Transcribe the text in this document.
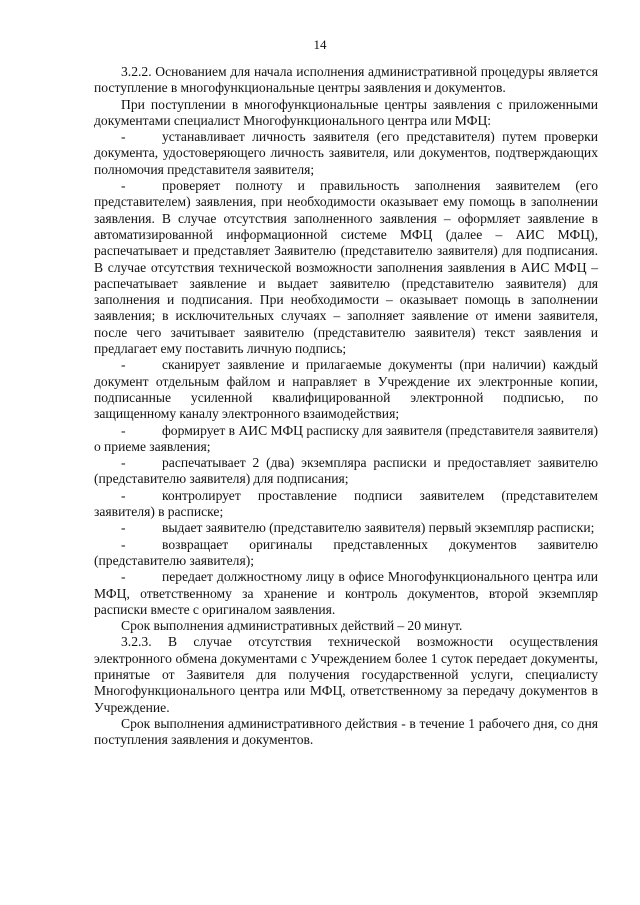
14

3.2.2. Основанием для начала исполнения административной процедуры является поступление в многофункциональные центры заявления и документов.

При поступлении в многофункциональные центры заявления с приложенными документами специалист Многофункционального центра или МФЦ:

-	устанавливает личность заявителя (его представителя) путем проверки документа, удостоверяющего личность заявителя, или документов, подтверждающих полномочия представителя заявителя;

-	проверяет полноту и правильность заполнения заявителем (его представителем) заявления, при необходимости оказывает ему помощь в заполнении заявления. В случае отсутствия заполненного заявления – оформляет заявление в автоматизированной информационной системе МФЦ (далее – АИС МФЦ), распечатывает и представляет Заявителю (представителю заявителя) для подписания. В случае отсутствия технической возможности заполнения заявления в АИС МФЦ – распечатывает заявление и выдает заявителю (представителю заявителя) для заполнения и подписания. При необходимости – оказывает помощь в заполнении заявления; в исключительных случаях – заполняет заявление от имени заявителя, после чего зачитывает заявителю (представителю заявителя) текст заявления и предлагает ему поставить личную подпись;

-	сканирует заявление и прилагаемые документы (при наличии) каждый документ отдельным файлом и направляет в Учреждение их электронные копии, подписанные усиленной квалифицированной электронной подписью, по защищенному каналу электронного взаимодействия;

-	формирует в АИС МФЦ расписку для заявителя (представителя заявителя) о приеме заявления;

-	распечатывает 2 (два) экземпляра расписки и предоставляет заявителю (представителю заявителя) для подписания;

-	контролирует проставление подписи заявителем (представителем заявителя) в расписке;

-	выдает заявителю (представителю заявителя) первый экземпляр расписки;

-	возвращает оригиналы представленных документов заявителю (представителю заявителя);

-	передает должностному лицу в офисе Многофункционального центра или МФЦ, ответственному за хранение и контроль документов, второй экземпляр расписки вместе с оригиналом заявления.

Срок выполнения административных действий – 20 минут.

3.2.3. В случае отсутствия технической возможности осуществления электронного обмена документами с Учреждением более 1 суток передает документы, принятые от Заявителя для получения государственной услуги, специалисту Многофункционального центра или МФЦ, ответственному за передачу документов в Учреждение.

Срок выполнения административного действия - в течение 1 рабочего дня, со дня поступления заявления и документов.
